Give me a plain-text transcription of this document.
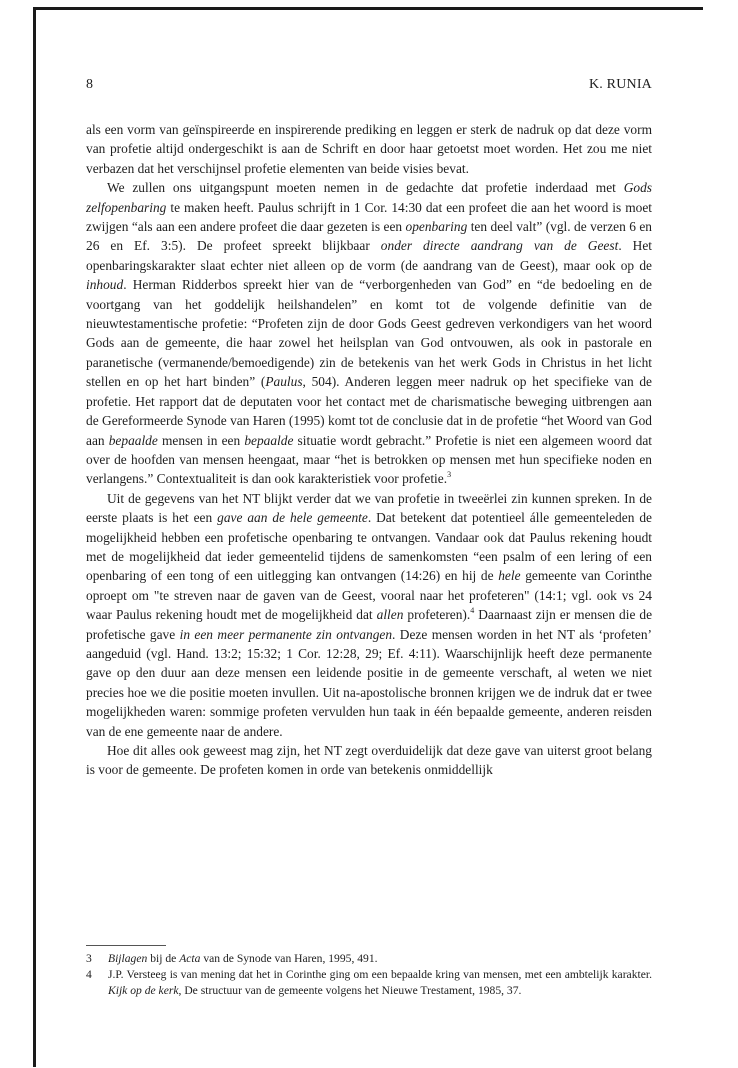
8	K. RUNIA

als een vorm van geïnspireerde en inspirerende prediking en leggen er sterk de nadruk op dat deze vorm van profetie altijd ondergeschikt is aan de Schrift en door haar getoetst moet worden. Het zou me niet verbazen dat het verschijnsel profetie elementen van beide visies bevat.

We zullen ons uitgangspunt moeten nemen in de gedachte dat profetie inderdaad met Gods zelfopenbaring te maken heeft. Paulus schrijft in 1 Cor. 14:30 dat een profeet die aan het woord is moet zwijgen “als aan een andere profeet die daar gezeten is een openbaring ten deel valt” (vgl. de verzen 6 en 26 en Ef. 3:5). De profeet spreekt blijkbaar onder directe aandrang van de Geest. Het openbaringskarakter slaat echter niet alleen op de vorm (de aandrang van de Geest), maar ook op de inhoud. Herman Ridderbos spreekt hier van de “verborgenheden van God” en “de bedoeling en de voortgang van het goddelijk heilshandelen” en komt tot de volgende definitie van de nieuwtestamentische profetie: “Profeten zijn de door Gods Geest gedreven verkondigers van het woord Gods aan de gemeente, die haar zowel het heilsplan van God ontvouwen, als ook in pastorale en paranetische (vermanende/bemoedigende) zin de betekenis van het werk Gods in Christus in het licht stellen en op het hart binden” (Paulus, 504). Anderen leggen meer nadruk op het specifieke van de profetie. Het rapport dat de deputaten voor het contact met de charismatische beweging uitbrengen aan de Gereformeerde Synode van Haren (1995) komt tot de conclusie dat in de profetie “het Woord van God aan bepaalde mensen in een bepaalde situatie wordt gebracht.” Profetie is niet een algemeen woord dat over de hoofden van mensen heengaat, maar “het is betrokken op mensen met hun specifieke noden en verlangens.” Contextualiteit is dan ook karakteristiek voor profetie.$^3$

Uit de gegevens van het NT blijkt verder dat we van profetie in tweeërlei zin kunnen spreken. In de eerste plaats is het een gave aan de hele gemeente. Dat betekent dat potentieel álle gemeenteleden de mogelijkheid hebben een profetische openbaring te ontvangen. Vandaar ook dat Paulus rekening houdt met de mogelijkheid dat ieder gemeentelid tijdens de samenkomsten “een psalm of een lering of een openbaring of een tong of een uitlegging kan ontvangen (14:26) en hij de hele gemeente van Corinthe oproept om "te streven naar de gaven van de Geest, vooral naar het profeteren" (14:1; vgl. ook vs 24 waar Paulus rekening houdt met de mogelijkheid dat allen profeteren).$^4$ Daarnaast zijn er mensen die de profetische gave in een meer permanente zin ontvangen. Deze mensen worden in het NT als ‘profeten’ aangeduid (vgl. Hand. 13:2; 15:32; 1 Cor. 12:28, 29; Ef. 4:11). Waarschijnlijk heeft deze permanente gave op den duur aan deze mensen een leidende positie in de gemeente verschaft, al weten we niet precies hoe we die positie moeten invullen. Uit na-apostolische bronnen krijgen we de indruk dat er twee mogelijkheden waren: sommige profeten vervulden hun taak in één bepaalde gemeente, anderen reisden van de ene gemeente naar de andere.

Hoe dit alles ook geweest mag zijn, het NT zegt overduidelijk dat deze gave van uiterst groot belang is voor de gemeente. De profeten komen in orde van betekenis onmiddellijk

3 Bijlagen bij de Acta van de Synode van Haren, 1995, 491.
4 J.P. Versteeg is van mening dat het in Corinthe ging om een bepaalde kring van mensen, met een ambtelijk karakter. Kijk op de kerk, De structuur van de gemeente volgens het Nieuwe Trestament, 1985, 37.
